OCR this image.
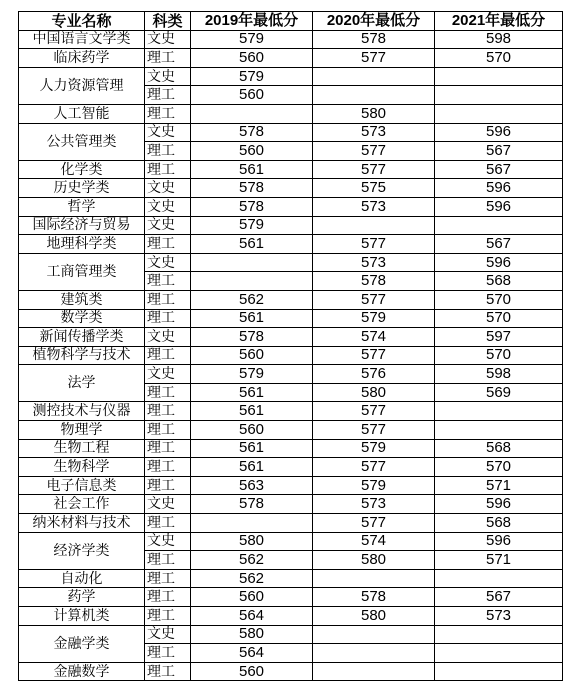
专业名称	科类	2019年最低分	2020年最低分	2021年最低分
中国语言文学类	文史	579	578	598
临床药学	理工	560	577	570
人力资源管理	文史	579		
	理工	560		
人工智能	理工		580	
公共管理类	文史	578	573	596
	理工	560	577	567
化学类	理工	561	577	567
历史学类	文史	578	575	596
哲学	文史	578	573	596
国际经济与贸易	文史	579		
地理科学类	理工	561	577	567
工商管理类	文史		573	596
	理工		578	568
建筑类	理工	562	577	570
数学类	理工	561	579	570
新闻传播学类	文史	578	574	597
植物科学与技术	理工	560	577	570
法学	文史	579	576	598
	理工	561	580	569
测控技术与仪器	理工	561	577	
物理学	理工	560	577	
生物工程	理工	561	579	568
生物科学	理工	561	577	570
电子信息类	理工	563	579	571
社会工作	文史	578	573	596
纳米材料与技术	理工		577	568
经济学类	文史	580	574	596
	理工	562	580	571
自动化	理工	562		
药学	理工	560	578	567
计算机类	理工	564	580	573
金融学类	文史	580		
	理工	564		
金融数学	理工	560		
